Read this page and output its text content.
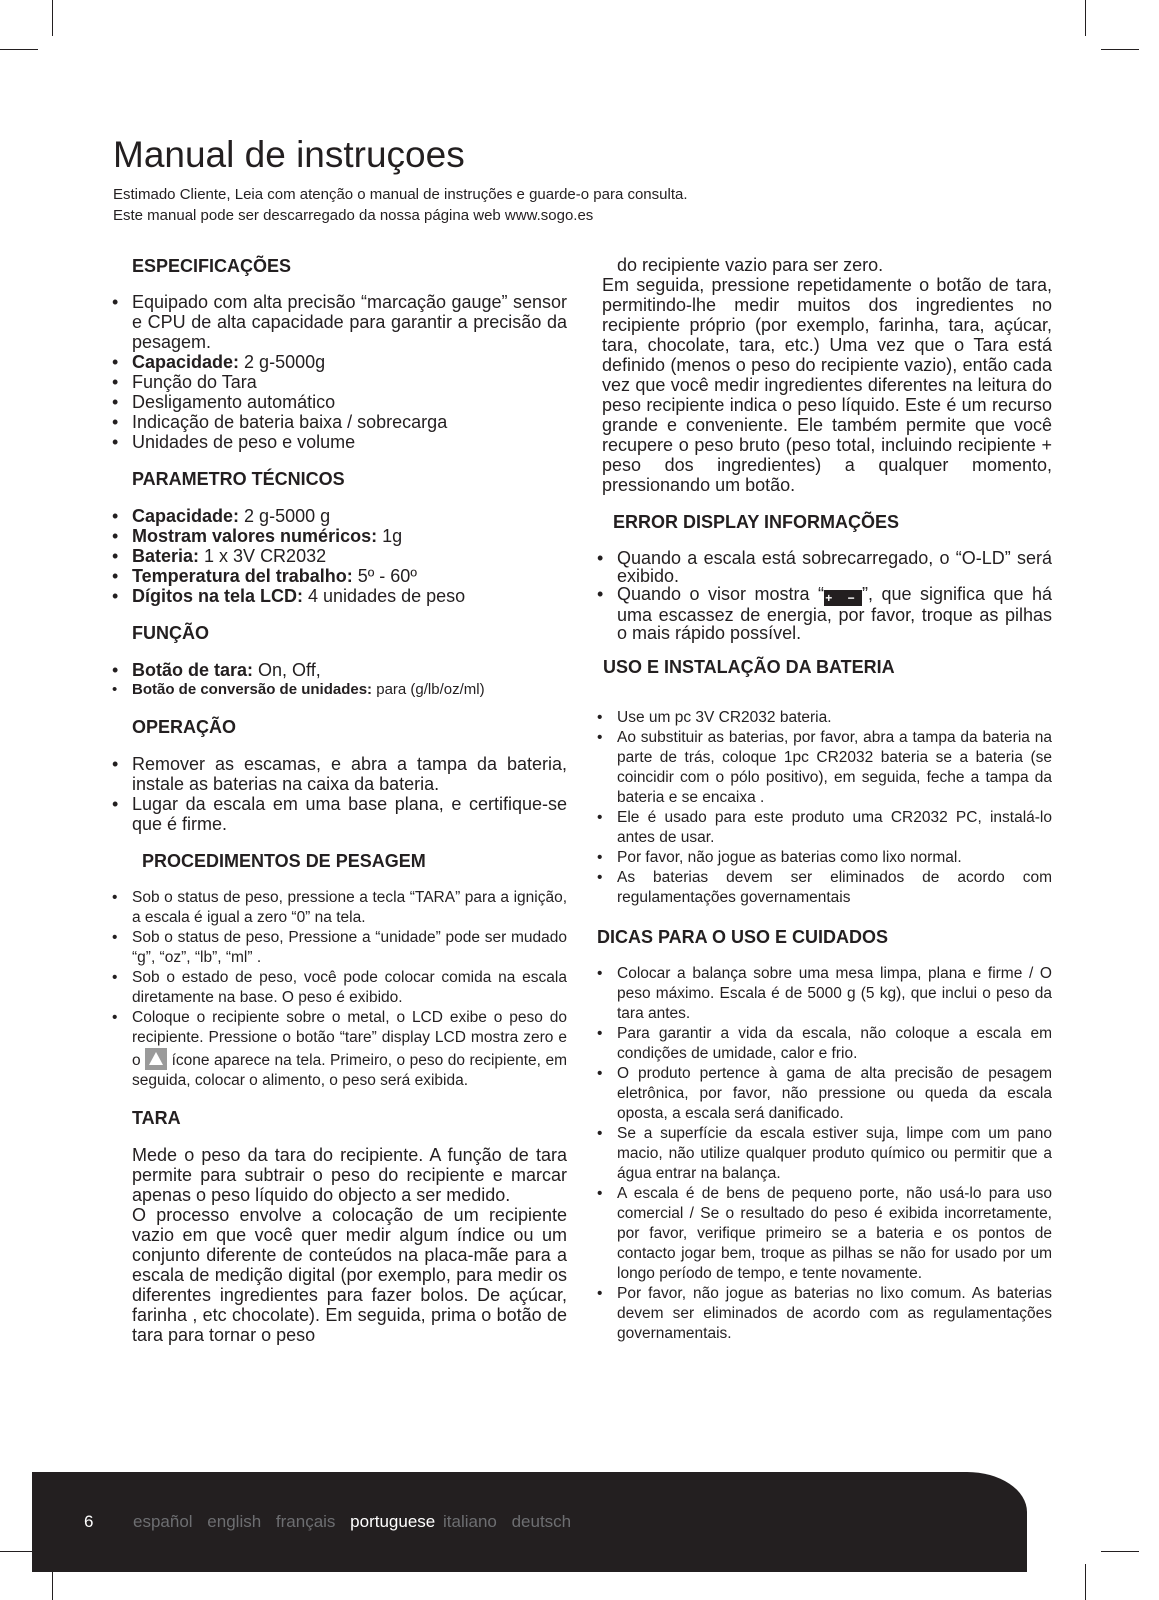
Manual de instruçoes
Estimado Cliente, Leia com atenção o manual de instruções e guarde-o para consulta.
Este manual pode ser descarregado da nossa página web www.sogo.es
ESPECIFICAÇÕES
• Equipado com alta precisão “marcação gauge” sensor e CPU de alta capacidade para garantir a precisão da pesagem.
• Capacidade: 2 g-5000g
• Função do Tara
• Desligamento automático
• Indicação de bateria baixa / sobrecarga
• Unidades de peso e volume
PARAMETRO TÉCNICOS
• Capacidade: 2 g-5000 g
• Mostram valores numéricos: 1g
• Bateria: 1 x 3V CR2032
• Temperatura del trabalho: 5º - 60º
• Dígitos na tela LCD: 4 unidades de peso
FUNÇÃO
• Botão de tara: On, Off,
• Botão de conversão de unidades: para (g/lb/oz/ml)
OPERAÇÃO
• Remover as escamas, e abra a tampa da bateria, instale as baterias na caixa da bateria.
• Lugar da escala em uma base plana, e certifique-se que é firme.
PROCEDIMENTOS DE PESAGEM
• Sob o status de peso, pressione a tecla “TARA” para a ignição, a escala é igual a zero “0” na tela.
• Sob o status de peso, Pressione a “unidade” pode ser mudado “g”, “oz”, “lb”, “ml” .
• Sob o estado de peso, você pode colocar comida na escala diretamente na base. O peso é exibido.
• Coloque o recipiente sobre o metal, o LCD exibe o peso do recipiente. Pressione o botão “tare” display LCD mostra zero e o  ícone aparece na tela. Primeiro, o peso do recipiente, em seguida, colocar o alimento, o peso será exibida.
TARA
Mede o peso da tara do recipiente. A função de tara permite para subtrair o peso do recipiente e marcar apenas o peso líquido do objecto a ser medido.
O processo envolve a colocação de um recipiente vazio em que você quer medir algum índice ou um conjunto diferente de conteúdos na placa-mãe para a escala de medição digital (por exemplo, para medir os diferentes ingredientes para fazer bolos. De açúcar, farinha , etc chocolate). Em seguida, prima o botão de tara para tornar o peso
do recipiente vazio para ser zero.
Em seguida, pressione repetidamente o botão de tara, permitindo-lhe medir muitos dos ingredientes no recipiente próprio (por exemplo, farinha, tara, açúcar, tara, chocolate, tara, etc.) Uma vez que o Tara está definido (menos o peso do recipiente vazio), então cada vez que você medir ingredientes diferentes na leitura do peso recipiente indica o peso líquido. Este é um recurso grande e conveniente. Ele também permite que você recupere o peso bruto (peso total, incluindo recipiente + peso dos ingredientes) a qualquer momento, pressionando um botão.
ERROR DISPLAY INFORMAÇÕES
• Quando a escala está sobrecarregado, o “O-LD” será exibido.
• Quando o visor mostra “+ −”, que significa que há uma escassez de energia, por favor, troque as pilhas o mais rápido possível.
USO E INSTALAÇÃO DA BATERIA
• Use um pc 3V CR2032 bateria.
• Ao substituir as baterias, por favor, abra a tampa da bateria na parte de trás, coloque 1pc CR2032 bateria se a bateria (se coincidir com o pólo positivo), em seguida, feche a tampa da bateria e se encaixa .
• Ele é usado para este produto uma CR2032 PC, instalá-lo antes de usar.
• Por favor, não jogue as baterias como lixo normal.
• As baterias devem ser eliminados de acordo com regulamentações governamentais
DICAS PARA O USO E CUIDADOS
• Colocar a balança sobre uma mesa limpa, plana e firme / O peso máximo. Escala é de 5000 g (5 kg), que inclui o peso da tara antes.
• Para garantir a vida da escala, não coloque a escala em condições de umidade, calor e frio.
• O produto pertence à gama de alta precisão de pesagem eletrônica, por favor, não pressione ou queda da escala oposta, a escala será danificado.
• Se a superfície da escala estiver suja, limpe com um pano macio, não utilize qualquer produto químico ou permitir que a água entrar na balança.
• A escala é de bens de pequeno porte, não usá-lo para uso comercial / Se o resultado do peso é exibida incorretamente, por favor, verifique primeiro se a bateria e os pontos de contacto jogar bem, troque as pilhas se não for usado por um longo período de tempo, e tente novamente.
• Por favor, não jogue as baterias no lixo comum. As baterias devem ser eliminados de acordo com as regulamentações governamentais.
6 español english français portuguese italiano deutsch
